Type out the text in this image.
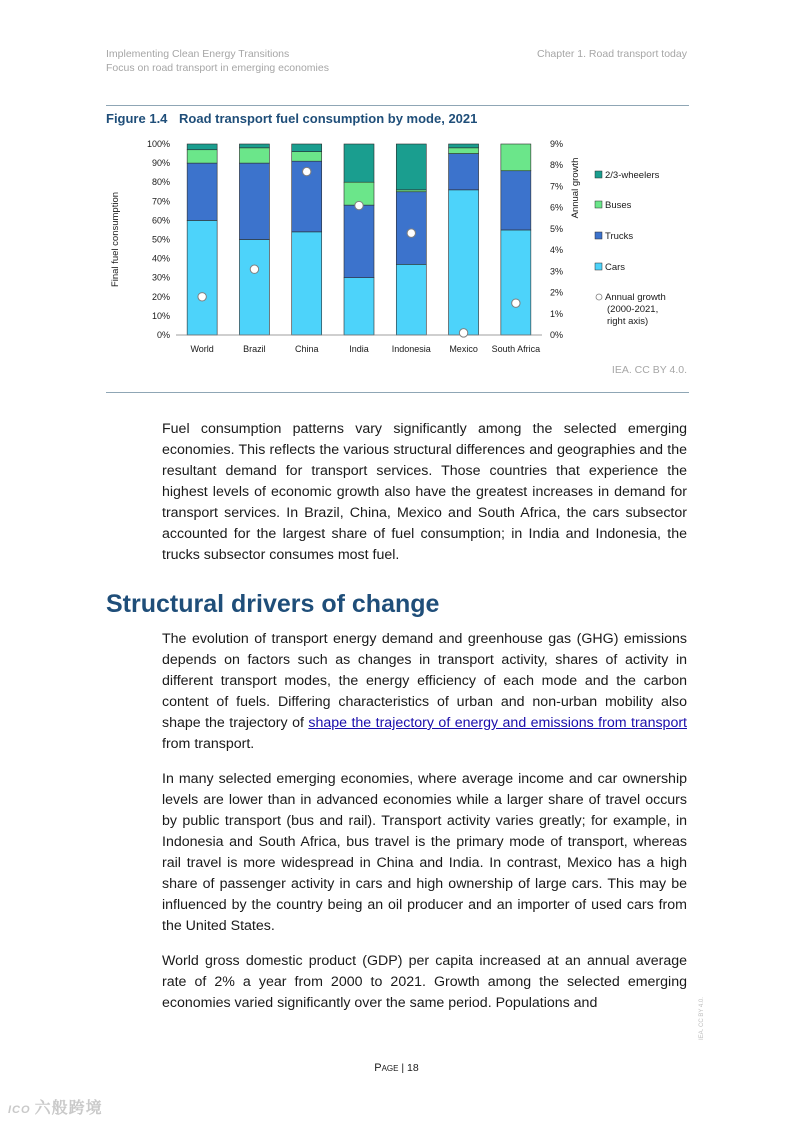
Implementing Clean Energy Transitions
Focus on road transport in emerging economies
Chapter 1. Road transport today
Figure 1.4 Road transport fuel consumption by mode, 2021
0%
10%
20%
30%
40%
50%
60%
70%
80%
90%
100%
0%
1%
2%
3%
4%
5%
6%
7%
8%
9%
Final fuel consumption
Annual growth
World	Brazil	China	India	Indonesia Mexico South Africa
2/3-wheelers
Buses
Trucks
Cars
Annual growth
(2000-2021,
right axis)
IEA. CC BY 4.0.

Fuel consumption patterns vary significantly among the selected emerging economies. This reflects the various structural differences and geographies and the resultant demand for transport services. Those countries that experience the highest levels of economic growth also have the greatest increases in demand for transport services. In Brazil, China, Mexico and South Africa, the cars subsector accounted for the largest share of fuel consumption; in India and Indonesia, the trucks subsector consumes most fuel.

Structural drivers of change

The evolution of transport energy demand and greenhouse gas (GHG) emissions depends on factors such as changes in transport activity, shares of activity in different transport modes, the energy efficiency of each mode and the carbon content of fuels. Differing characteristics of urban and non-urban mobility also shape the trajectory of shape the trajectory of energy and emissions from transport from transport.

In many selected emerging economies, where average income and car ownership levels are lower than in advanced economies while a larger share of travel occurs by public transport (bus and rail). Transport activity varies greatly; for example, in Indonesia and South Africa, bus travel is the primary mode of transport, whereas rail travel is more widespread in China and India. In contrast, Mexico has a high share of passenger activity in cars and high ownership of large cars. This may be influenced by the country being an oil producer and an importer of used cars from the United States.

World gross domestic product (GDP) per capita increased at an annual average rate of 2% a year from 2000 to 2021. Growth among the selected emerging economies varied significantly over the same period. Populations and

Page | 18
IEA. CC BY 4.0.
ICO 六般跨境
